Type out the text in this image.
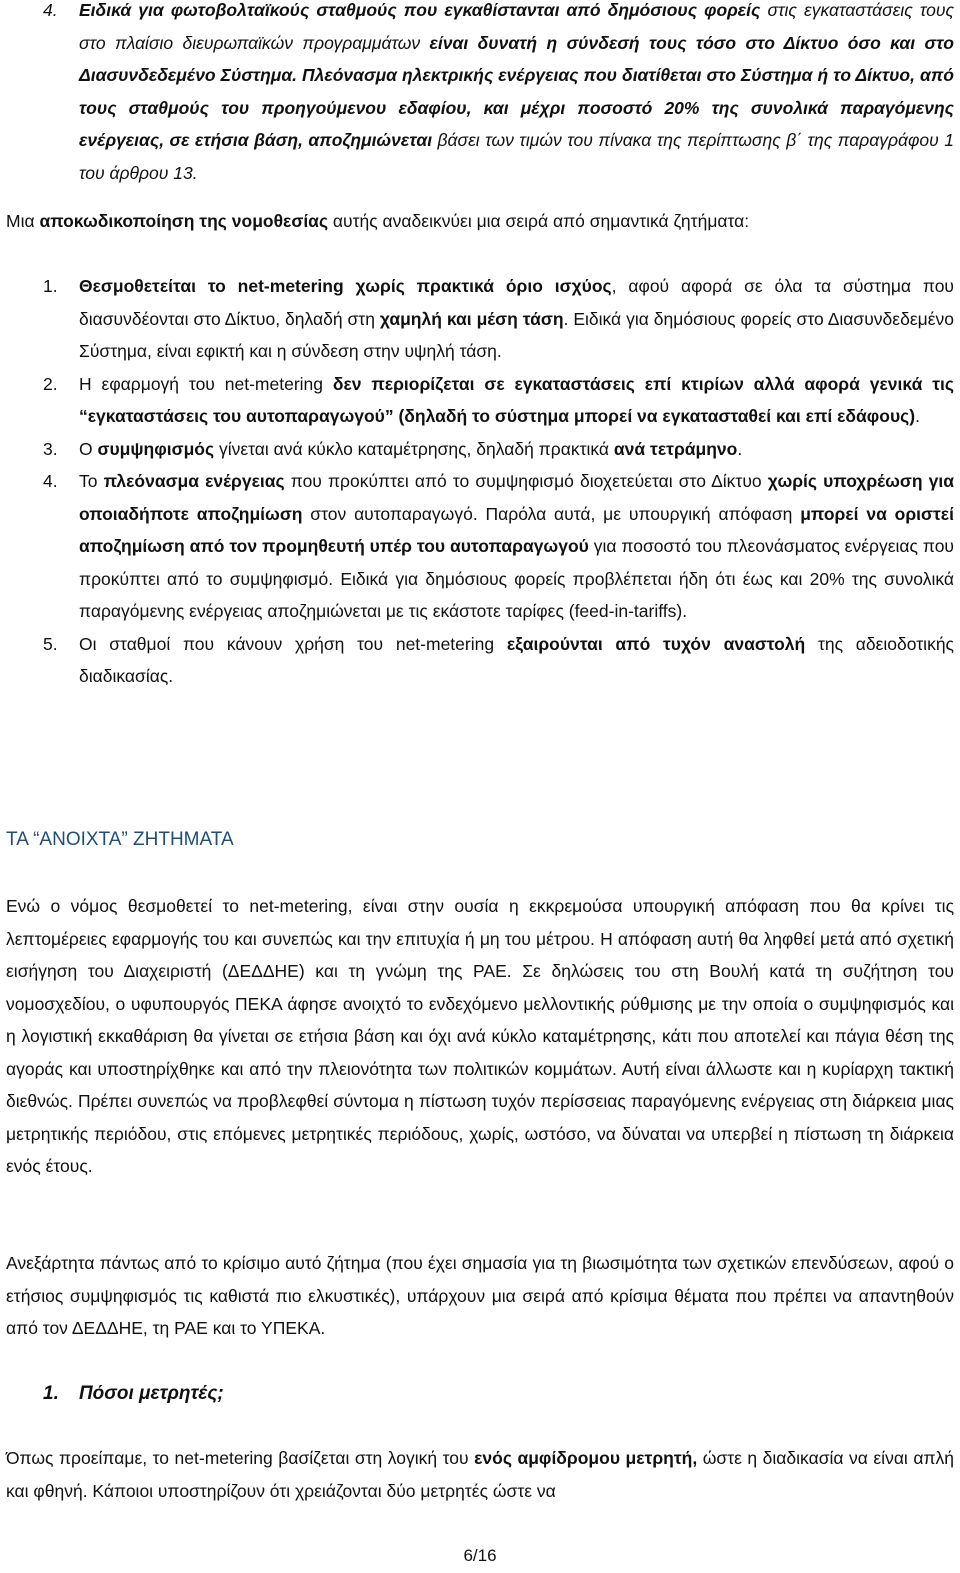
4. Ειδικά για φωτοβολταϊκούς σταθμούς που εγκαθίστανται από δημόσιους φορείς στις εγκαταστάσεις τους στο πλαίσιο διευρωπαϊκών προγραμμάτων είναι δυνατή η σύνδεσή τους τόσο στο Δίκτυο όσο και στο Διασυνδεδεμένο Σύστημα. Πλεόνασμα ηλεκτρικής ενέργειας που διατίθεται στο Σύστημα ή το Δίκτυο, από τους σταθμούς του προηγούμενου εδαφίου, και μέχρι ποσοστό 20% της συνολικά παραγόμενης ενέργειας, σε ετήσια βάση, αποζημιώνεται βάσει των τιμών του πίνακα της περίπτωσης β΄ της παραγράφου 1 του άρθρου 13.
Μια αποκωδικοποίηση της νομοθεσίας αυτής αναδεικνύει μια σειρά από σημαντικά ζητήματα:
1. Θεσμοθετείται το net-metering χωρίς πρακτικά όριο ισχύος, αφού αφορά σε όλα τα σύστημα που διασυνδέονται στο Δίκτυο, δηλαδή στη χαμηλή και μέση τάση. Ειδικά για δημόσιους φορείς στο Διασυνδεδεμένο Σύστημα, είναι εφικτή και η σύνδεση στην υψηλή τάση.
2. Η εφαρμογή του net-metering δεν περιορίζεται σε εγκαταστάσεις επί κτιρίων αλλά αφορά γενικά τις “εγκαταστάσεις του αυτοπαραγωγού” (δηλαδή το σύστημα μπορεί να εγκατασταθεί και επί εδάφους).
3. Ο συμψηφισμός γίνεται ανά κύκλο καταμέτρησης, δηλαδή πρακτικά ανά τετράμηνο.
4. Το πλεόνασμα ενέργειας που προκύπτει από το συμψηφισμό διοχετεύεται στο Δίκτυο χωρίς υποχρέωση για οποιαδήποτε αποζημίωση στον αυτοπαραγωγό. Παρόλα αυτά, με υπουργική απόφαση μπορεί να οριστεί αποζημίωση από τον προμηθευτή υπέρ του αυτοπαραγωγού για ποσοστό του πλεονάσματος ενέργειας που προκύπτει από το συμψηφισμό. Ειδικά για δημόσιους φορείς προβλέπεται ήδη ότι έως και 20% της συνολικά παραγόμενης ενέργειας αποζημιώνεται με τις εκάστοτε ταρίφες (feed-in-tariffs).
5. Οι σταθμοί που κάνουν χρήση του net-metering εξαιρούνται από τυχόν αναστολή της αδειοδοτικής διαδικασίας.
ΤΑ “ΑΝΟΙΧΤΑ” ΖΗΤΗΜΑΤΑ
Ενώ ο νόμος θεσμοθετεί το net-metering, είναι στην ουσία η εκκρεμούσα υπουργική απόφαση που θα κρίνει τις λεπτομέρειες εφαρμογής του και συνεπώς και την επιτυχία ή μη του μέτρου. Η απόφαση αυτή θα ληφθεί μετά από σχετική εισήγηση του Διαχειριστή (ΔΕΔΔΗΕ) και τη γνώμη της ΡΑΕ. Σε δηλώσεις του στη Βουλή κατά τη συζήτηση του νομοσχεδίου, ο υφυπουργός ΠΕΚΑ άφησε ανοιχτό το ενδεχόμενο μελλοντικής ρύθμισης με την οποία ο συμψηφισμός και η λογιστική εκκαθάριση θα γίνεται σε ετήσια βάση και όχι ανά κύκλο καταμέτρησης, κάτι που αποτελεί και πάγια θέση της αγοράς και υποστηρίχθηκε και από την πλειονότητα των πολιτικών κομμάτων. Αυτή είναι άλλωστε και η κυρίαρχη τακτική διεθνώς. Πρέπει συνεπώς να προβλεφθεί σύντομα η πίστωση τυχόν περίσσειας παραγόμενης ενέργειας στη διάρκεια μιας μετρητικής περιόδου, στις επόμενες μετρητικές περιόδους, χωρίς, ωστόσο, να δύναται να υπερβεί η πίστωση τη διάρκεια ενός έτους.
Ανεξάρτητα πάντως από το κρίσιμο αυτό ζήτημα (που έχει σημασία για τη βιωσιμότητα των σχετικών επενδύσεων, αφού ο ετήσιος συμψηφισμός τις καθιστά πιο ελκυστικές), υπάρχουν μια σειρά από κρίσιμα θέματα που πρέπει να απαντηθούν από τον ΔΕΔΔΗΕ, τη ΡΑΕ και το ΥΠΕΚΑ.
1. Πόσοι μετρητές;
Όπως προείπαμε, το net-metering βασίζεται στη λογική του ενός αμφίδρομου μετρητή, ώστε η διαδικασία να είναι απλή και φθηνή. Κάποιοι υποστηρίζουν ότι χρειάζονται δύο μετρητές ώστε να
6/16
